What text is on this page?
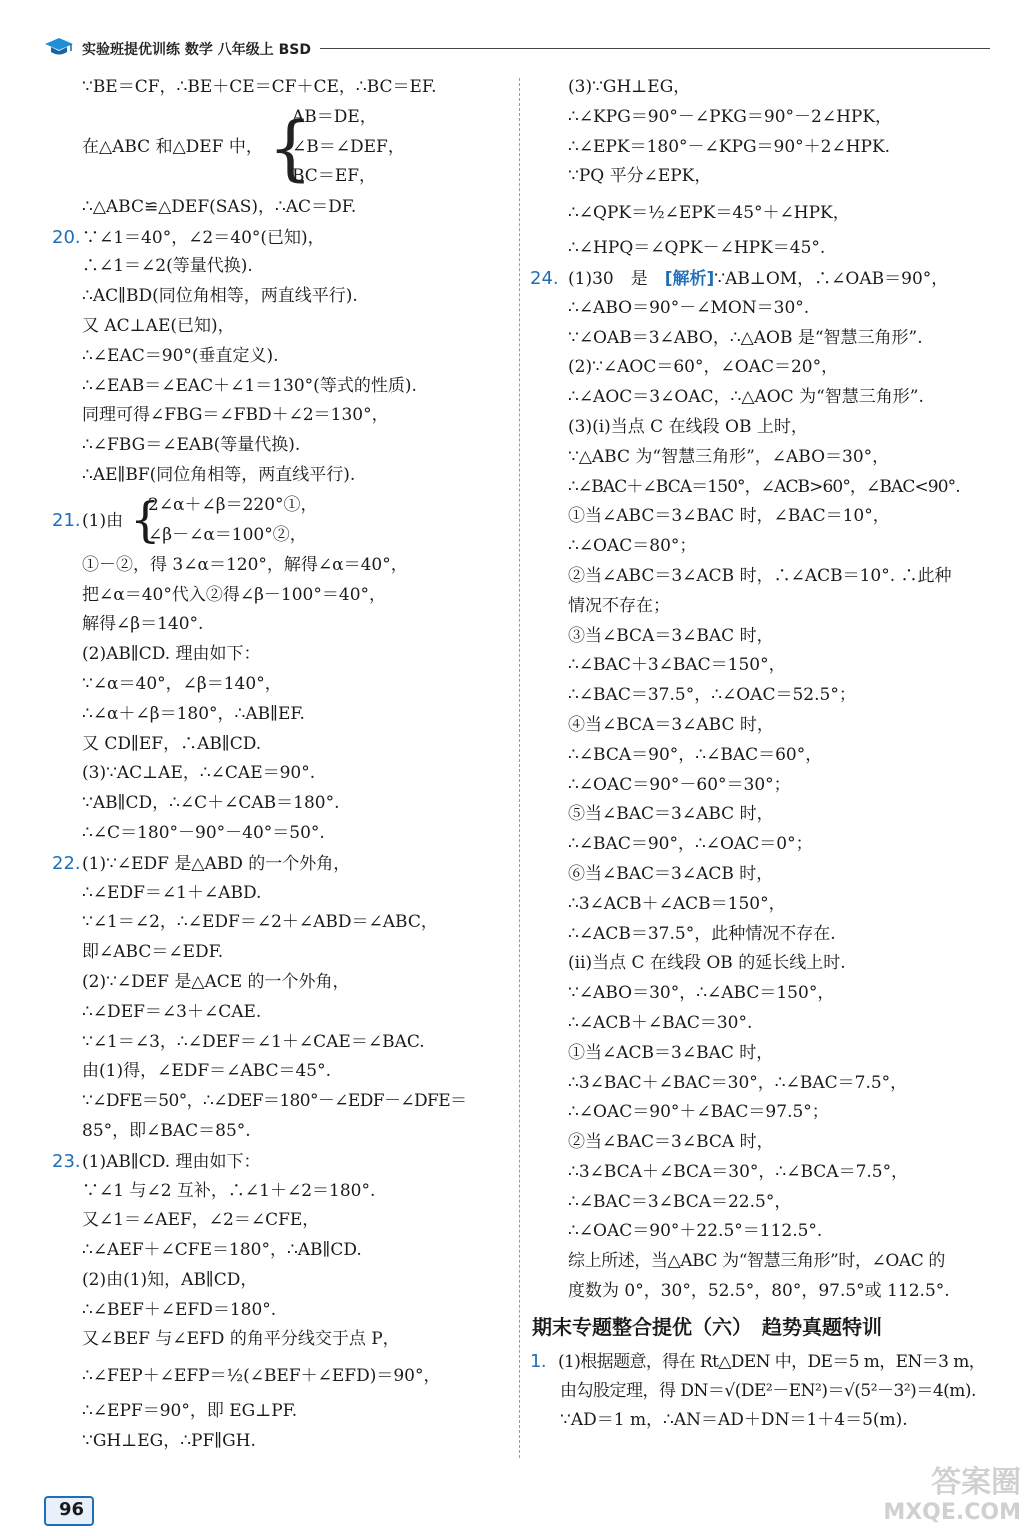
实验班提优训练 数学 八年级上 BSD
∵BE＝CF，∴BE＋CE＝CF＋CE，∴BC＝EF.
在△ABC 和△DEF 中， {
AB＝DE，
∠B＝∠DEF，
BC＝EF，
∴△ABC≌△DEF(SAS)，∴AC＝DF.
20.∵∠1＝40°，∠2＝40°(已知)，
∴∠1＝∠2(等量代换).
∴AC∥BD(同位角相等，两直线平行).
又 AC⊥AE(已知)，
∴∠EAC＝90°(垂直定义).
∴∠EAB＝∠EAC＋∠1＝130°(等式的性质).
同理可得∠FBG＝∠FBD＋∠2＝130°，
∴∠FBG＝∠EAB(等量代换).
∴AE∥BF(同位角相等，两直线平行).
21.(1)由 {
2∠α＋∠β＝220°①，
∠β－∠α＝100°②，
①－②，得 3∠α＝120°，解得∠α＝40°，
把∠α＝40°代入②得∠β－100°＝40°，
解得∠β＝140°.
(2)AB∥CD. 理由如下：
∵∠α＝40°，∠β＝140°，
∴∠α＋∠β＝180°，∴AB∥EF.
又 CD∥EF，∴AB∥CD.
(3)∵AC⊥AE，∴∠CAE＝90°.
∵AB∥CD，∴∠C＋∠CAB＝180°.
∴∠C＝180°－90°－40°＝50°.
22.(1)∵∠EDF 是△ABD 的一个外角，
∴∠EDF＝∠1＋∠ABD.
∵∠1＝∠2，∴∠EDF＝∠2＋∠ABD＝∠ABC，
即∠ABC＝∠EDF.
(2)∵∠DEF 是△ACE 的一个外角，
∴∠DEF＝∠3＋∠CAE.
∵∠1＝∠3，∴∠DEF＝∠1＋∠CAE＝∠BAC.
由(1)得，∠EDF＝∠ABC＝45°.
∵∠DFE＝50°，∴∠DEF＝180°－∠EDF－∠DFE＝
85°，即∠BAC＝85°.
23.(1)AB∥CD. 理由如下：
∵∠1 与∠2 互补，∴∠1＋∠2＝180°.
又∠1＝∠AEF，∠2＝∠CFE，
∴∠AEF＋∠CFE＝180°，∴AB∥CD.
(2)由(1)知，AB∥CD，
∴∠BEF＋∠EFD＝180°.
又∠BEF 与∠EFD 的角平分线交于点 P，
∴∠FEP＋∠EFP＝½(∠BEF＋∠EFD)＝90°，
∴∠EPF＝90°，即 EG⊥PF.
∵GH⊥EG，∴PF∥GH.
(3)∵GH⊥EG，
∴∠KPG＝90°－∠PKG＝90°－2∠HPK，
∴∠EPK＝180°－∠KPG＝90°＋2∠HPK.
∵PQ 平分∠EPK，
∴∠QPK＝½∠EPK＝45°＋∠HPK，
∴∠HPQ＝∠QPK－∠HPK＝45°.
24. (1)30　是　[解析]∵AB⊥OM，∴∠OAB＝90°，
∴∠ABO＝90°－∠MON＝30°.
∵∠OAB＝3∠ABO，∴△AOB 是“智慧三角形”.
(2)∵∠AOC＝60°，∠OAC＝20°，
∴∠AOC＝3∠OAC，∴△AOC 为“智慧三角形”.
(3)(ⅰ)当点 C 在线段 OB 上时，
∵△ABC 为“智慧三角形”，∠ABO＝30°，
∴∠BAC＋∠BCA＝150°，∠ACB>60°，∠BAC<90°.
①当∠ABC＝3∠BAC 时，∠BAC＝10°，
∴∠OAC＝80°；
②当∠ABC＝3∠ACB 时，∴∠ACB＝10°. ∴此种
情况不存在；
③当∠BCA＝3∠BAC 时，
∴∠BAC＋3∠BAC＝150°，
∴∠BAC＝37.5°，∴∠OAC＝52.5°；
④当∠BCA＝3∠ABC 时，
∴∠BCA＝90°，∴∠BAC＝60°，
∴∠OAC＝90°－60°＝30°；
⑤当∠BAC＝3∠ABC 时，
∴∠BAC＝90°，∴∠OAC＝0°；
⑥当∠BAC＝3∠ACB 时，
∴3∠ACB＋∠ACB＝150°，
∴∠ACB＝37.5°，此种情况不存在.
(ⅱ)当点 C 在线段 OB 的延长线上时.
∵∠ABO＝30°，∴∠ABC＝150°，
∴∠ACB＋∠BAC＝30°.
①当∠ACB＝3∠BAC 时，
∴3∠BAC＋∠BAC＝30°，∴∠BAC＝7.5°，
∴∠OAC＝90°＋∠BAC＝97.5°；
②当∠BAC＝3∠BCA 时，
∴3∠BCA＋∠BCA＝30°，∴∠BCA＝7.5°，
∴∠BAC＝3∠BCA＝22.5°，
∴∠OAC＝90°＋22.5°＝112.5°.
综上所述，当△ABC 为“智慧三角形”时，∠OAC 的
度数为 0°，30°，52.5°，80°，97.5°或 112.5°.
期末专题整合提优（六）　趋势真题特训
1. (1)根据题意，得在 Rt△DEN 中，DE＝5 m，EN＝3 m，
由勾股定理，得 DN＝√(DE²－EN²)＝√(5²－3²)＝4(m).
∵AD＝1 m，∴AN＝AD＋DN＝1＋4＝5(m).
96
答案圈
MXQE.COM
